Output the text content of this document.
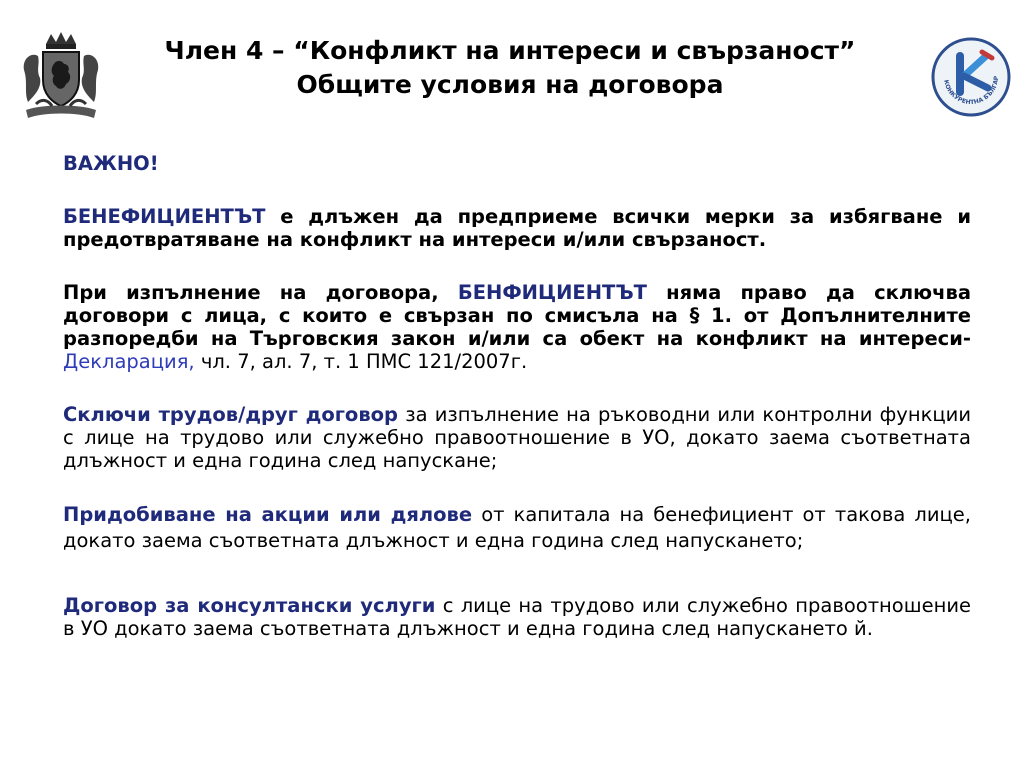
Член 4 – “Конфликт на интереси и свързаност”
Общите условия на договора	КОНКУРЕНТНА БЪЛГАР

ВАЖНО!

БЕНЕФИЦИЕНТЪТ е длъжен да предприеме всички мерки за избягване и предотвратяване на конфликт на интереси и/или свързаност.

При изпълнение на договора, БЕНФИЦИЕНТЪТ няма право да сключва договори с лица, с които е свързан по смисъла на § 1. от Допълнителните разпоредби на Търговския закон и/или са обект на конфликт на интереси-Декларация, чл. 7, ал. 7, т. 1 ПМС 121/2007г.

Сключи трудов/друг договор за изпълнение на ръководни или контролни функции с лице на трудово или служебно правоотношение в УО, докато заема съответната длъжност и една година след напускане;

Придобиване на акции или дялове от капитала на бенефициент от такова лице, докато заема съответната длъжност и една година след напускането;

Договор за консултански услуги с лице на трудово или служебно правоотношение в УО докато заема съответната длъжност и една година след напускането й.
